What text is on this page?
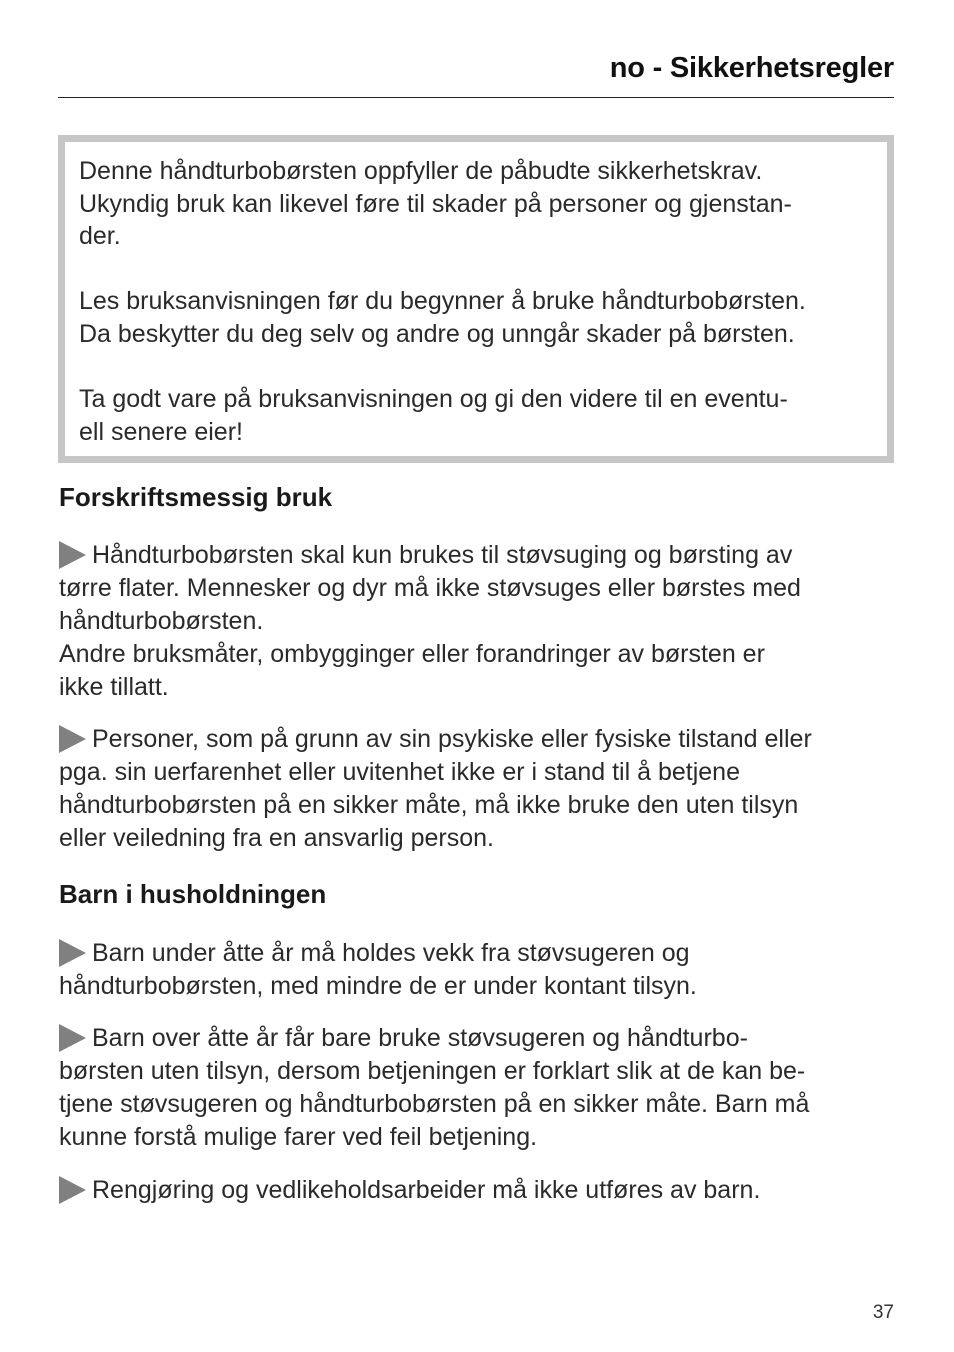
no - Sikkerhetsregler

Denne håndturbobørsten oppfyller de påbudte sikkerhetskrav.
Ukyndig bruk kan likevel føre til skader på personer og gjenstan-
der.

Les bruksanvisningen før du begynner å bruke håndturbobørsten.
Da beskytter du deg selv og andre og unngår skader på børsten.

Ta godt vare på bruksanvisningen og gi den videre til en eventu-
ell senere eier!

Forskriftsmessig bruk

Håndturbobørsten skal kun brukes til støvsuging og børsting av
tørre flater. Mennesker og dyr må ikke støvsuges eller børstes med
håndturbobørsten.
Andre bruksmåter, ombygginger eller forandringer av børsten er
ikke tillatt.

Personer, som på grunn av sin psykiske eller fysiske tilstand eller
pga. sin uerfarenhet eller uvitenhet ikke er i stand til å betjene
håndturbobørsten på en sikker måte, må ikke bruke den uten tilsyn
eller veiledning fra en ansvarlig person.

Barn i husholdningen

Barn under åtte år må holdes vekk fra støvsugeren og
håndturbobørsten, med mindre de er under kontant tilsyn.

Barn over åtte år får bare bruke støvsugeren og håndturbo-
børsten uten tilsyn, dersom betjeningen er forklart slik at de kan be-
tjene støvsugeren og håndturbobørsten på en sikker måte. Barn må
kunne forstå mulige farer ved feil betjening.

Rengjøring og vedlikeholdsarbeider må ikke utføres av barn.

37
